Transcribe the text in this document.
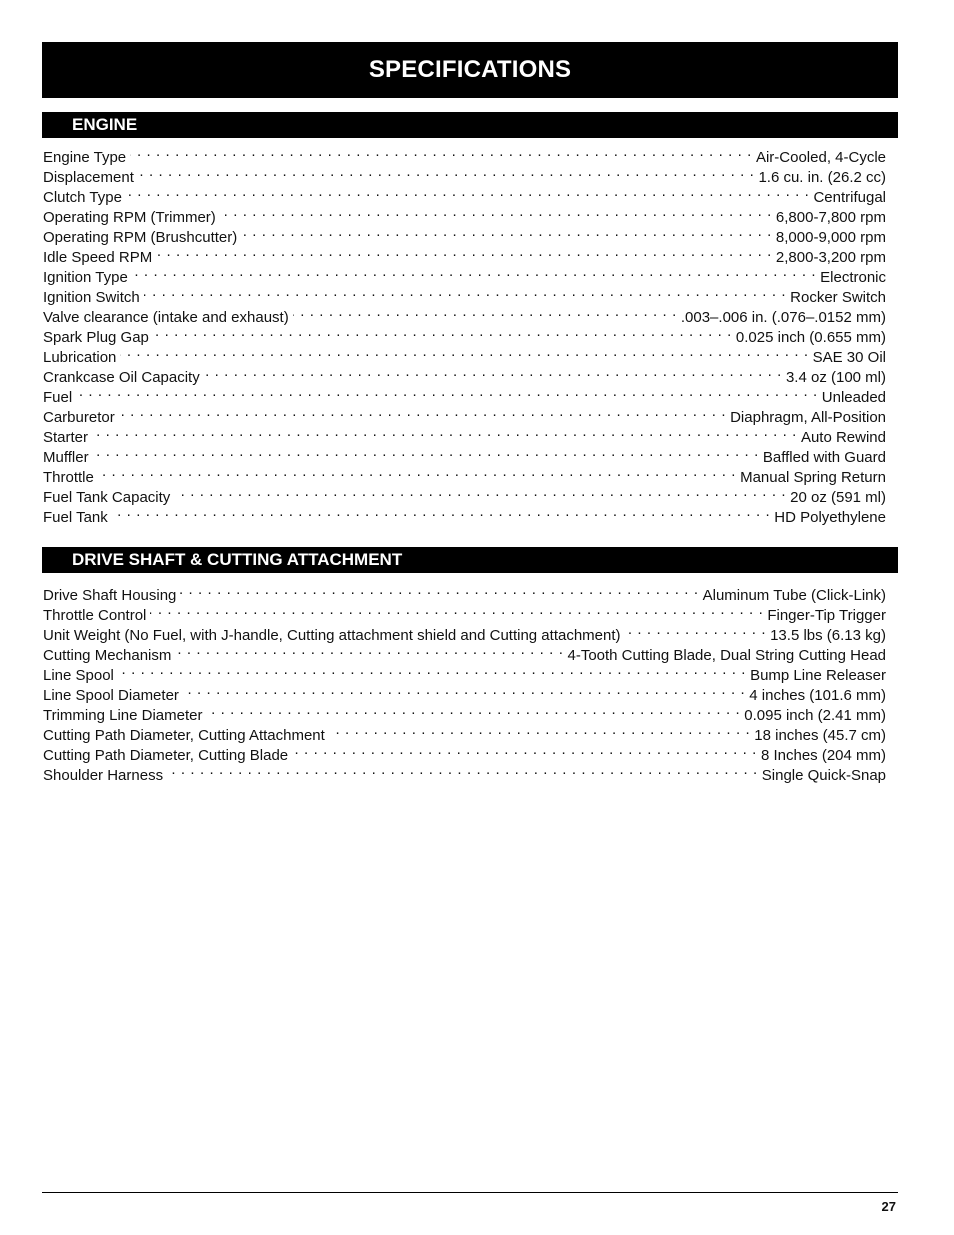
SPECIFICATIONS
ENGINE
Engine Type . . .	Air-Cooled, 4-Cycle
Displacement . . .	1.6 cu. in. (26.2 cc)
Clutch Type . . .	Centrifugal
Operating RPM (Trimmer) . . .	6,800-7,800 rpm
Operating RPM (Brushcutter) . . .	8,000-9,000 rpm
Idle Speed RPM . . .	2,800-3,200 rpm
Ignition Type . . .	Electronic
Ignition Switch . . .	Rocker Switch
Valve clearance (intake and exhaust) . . .	.003–.006 in. (.076–.0152 mm)
Spark Plug Gap . . .	0.025 inch (0.655 mm)
Lubrication . . .	SAE 30 Oil
Crankcase Oil Capacity . . .	3.4 oz (100 ml)
Fuel . . .	Unleaded
Carburetor . . .	Diaphragm, All-Position
Starter . . .	Auto Rewind
Muffler . . .	Baffled with Guard
Throttle . . .	Manual Spring Return
Fuel Tank Capacity . . .	20 oz (591 ml)
Fuel Tank . . .	HD Polyethylene
DRIVE SHAFT & CUTTING ATTACHMENT
Drive Shaft Housing . . .	Aluminum Tube (Click-Link)
Throttle Control . . .	Finger-Tip Trigger
Unit Weight (No Fuel, with J-handle, Cutting attachment shield and Cutting attachment) . . .	13.5 lbs (6.13 kg)
Cutting Mechanism . . .	4-Tooth Cutting Blade, Dual String Cutting Head
Line Spool . . .	Bump Line Releaser
Line Spool Diameter . . .	4 inches (101.6 mm)
Trimming Line Diameter . . .	0.095 inch (2.41 mm)
Cutting Path Diameter, Cutting Attachment . . .	18 inches (45.7 cm)
Cutting Path Diameter, Cutting Blade . . .	8 Inches (204 mm)
Shoulder Harness . . .	Single Quick-Snap
27
